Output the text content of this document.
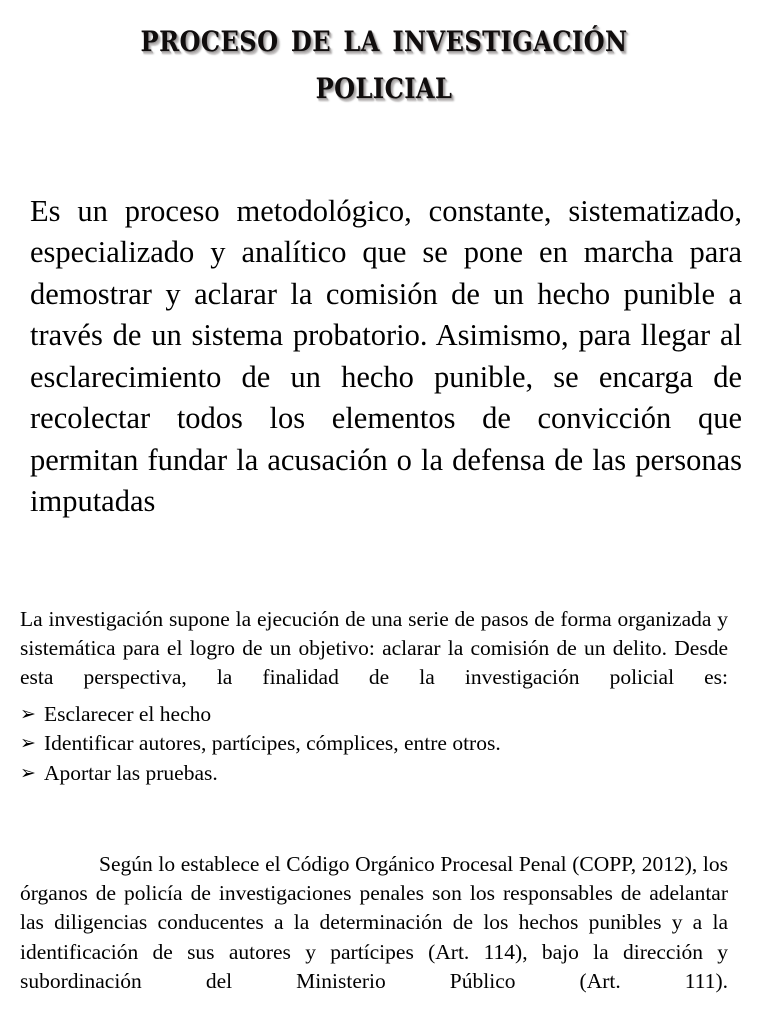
proceso de la investigación
policial

Es un proceso metodológico, constante, sistematizado, especializado y analítico que se pone en marcha para demostrar y aclarar la comisión de un hecho punible a través de un sistema probatorio. Asimismo, para llegar al esclarecimiento de un hecho punible, se encarga de recolectar todos los elementos de convicción que permitan fundar la acusación o la defensa de las personas imputadas

La investigación supone la ejecución de una serie de pasos de forma organizada y sistemática para el logro de un objetivo: aclarar la comisión de un delito. Desde esta perspectiva, la finalidad de la investigación policial es:

➢ Esclarecer el hecho
➢ Identificar autores, partícipes, cómplices, entre otros.
➢ Aportar las pruebas.

Según lo establece el Código Orgánico Procesal Penal (COPP, 2012), los órganos de policía de investigaciones penales son los responsables de adelantar las diligencias conducentes a la determinación de los hechos punibles y a la identificación de sus autores y partícipes (Art. 114), bajo la dirección y subordinación del Ministerio Público (Art. 111).
